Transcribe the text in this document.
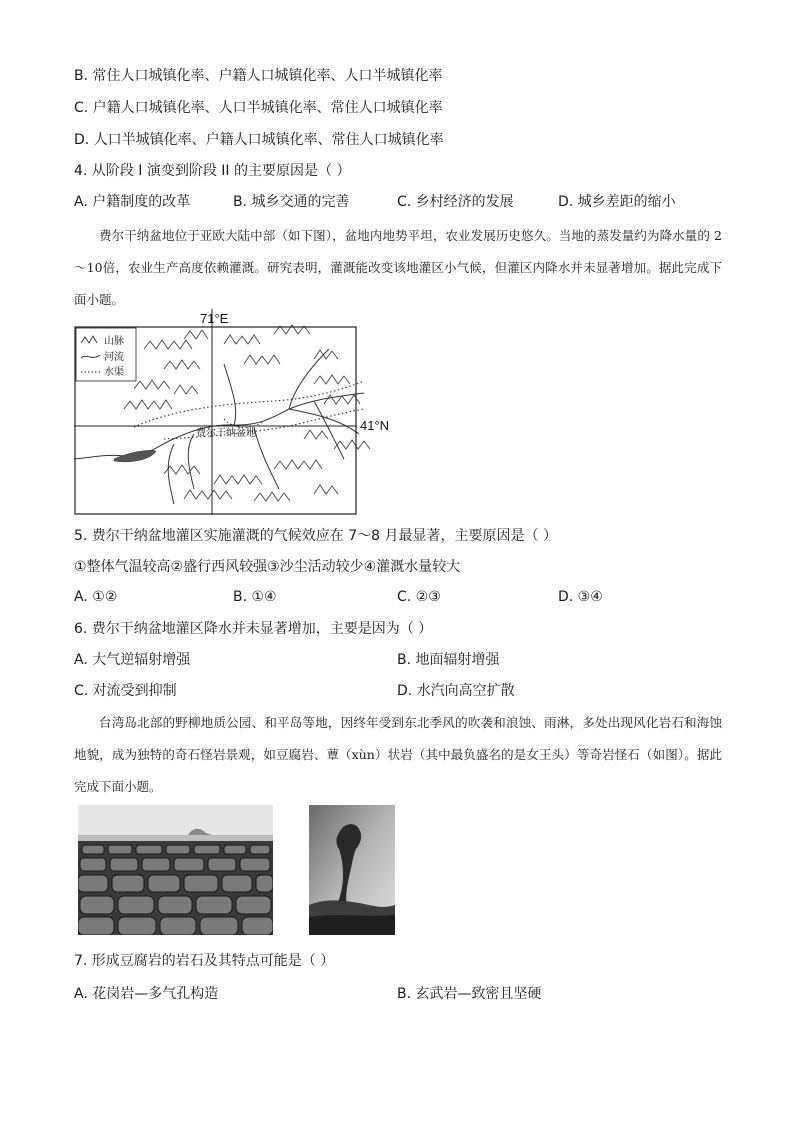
B. 常住人口城镇化率、户籍人口城镇化率、人口半城镇化率
C. 户籍人口城镇化率、人口半城镇化率、常住人口城镇化率
D. 人口半城镇化率、户籍人口城镇化率、常住人口城镇化率
4. 从阶段 I 演变到阶段 II 的主要原因是（ ）
A. 户籍制度的改革	B. 城乡交通的完善	C. 乡村经济的发展	D. 城乡差距的缩小
费尔干纳盆地位于亚欧大陆中部（如下图），盆地内地势平坦，农业发展历史悠久。当地的蒸发量约为降水量的 2～10倍，农业生产高度依赖灌溉。研究表明，灌溉能改变该地灌区小气候，但灌区内降水并未显著增加。据此完成下面小题。
71°E
41°N
费尔干纳盆地
山脉
河流
水渠
5. 费尔干纳盆地灌区实施灌溉的气候效应在 7～8 月最显著，主要原因是（ ）
①整体气温较高②盛行西风较强③沙尘活动较少④灌溉水量较大
A. ①②	B. ①④	C. ②③	D. ③④
6. 费尔干纳盆地灌区降水并未显著增加，主要是因为（ ）
A. 大气逆辐射增强	B. 地面辐射增强
C. 对流受到抑制	D. 水汽向高空扩散
台湾岛北部的野柳地质公园、和平岛等地，因终年受到东北季风的吹袭和浪蚀、雨淋，多处出现风化岩石和海蚀地貌，成为独特的奇石怪岩景观，如豆腐岩、蕈（xùn）状岩（其中最负盛名的是女王头）等奇岩怪石（如图）。据此完成下面小题。
7. 形成豆腐岩的岩石及其特点可能是（ ）
A. 花岗岩—多气孔构造	B. 玄武岩—致密且坚硬
